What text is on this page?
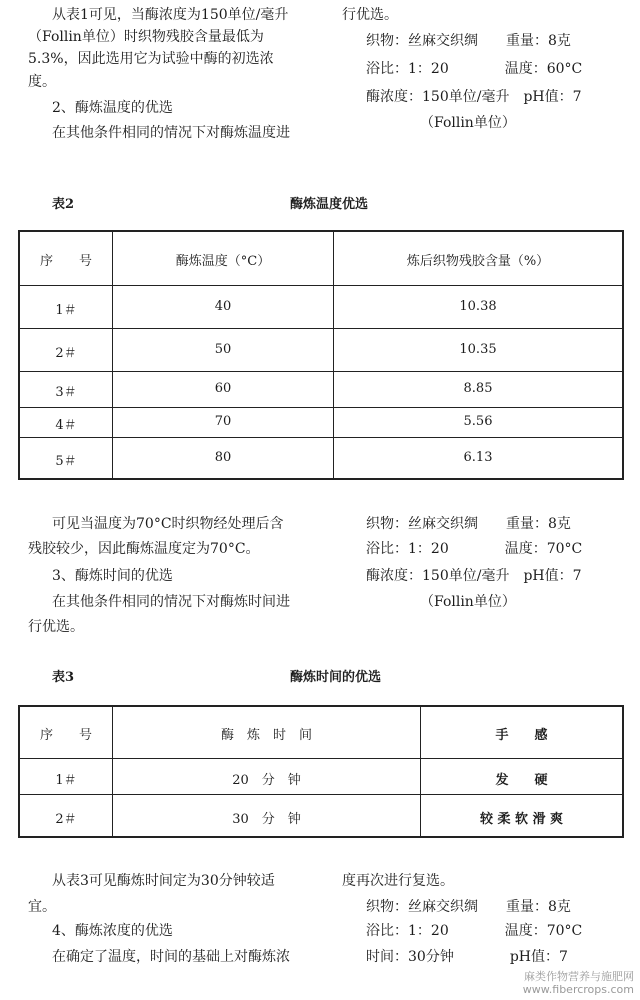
从表1可见，当酶浓度为150单位/毫升
（Follin单位）时织物残胶含量最低为
5.3%，因此选用它为试验中酶的初选浓
度。
2、酶炼温度的优选
在其他条件相同的情况下对酶炼温度进
行优选。
织物：丝麻交织绸　　重量：8克
浴比：1：20　　　　温度：60°C
酶浓度：150单位/毫升　pH值：7
（Follin单位）
表2	酶炼温度优选
序　　号	酶炼温度（°C）	炼后织物残胶含量（%）
1＃	40	10.38
2＃	50	10.35
3＃	60	8.85
4＃	70	5.56
5＃	80	6.13
可见当温度为70°C时织物经处理后含
残胶较少，因此酶炼温度定为70°C。
3、酶炼时间的优选
在其他条件相同的情况下对酶炼时间进
行优选。
织物：丝麻交织绸　　重量：8克
浴比：1：20　　　　温度：70°C
酶浓度：150单位/毫升　pH值：7
（Follin单位）
表3	酶炼时间的优选
序　　号	酶　炼　时　间	手　　感
1＃	20　分　钟	发　　硬
2＃	30　分　钟	较 柔 软 滑 爽
从表3可见酶炼时间定为30分钟较适
宜。
4、酶炼浓度的优选
在确定了温度，时间的基础上对酶炼浓
度再次进行复选。
织物：丝麻交织绸　　重量：8克
浴比：1：20　　　　温度：70°C
时间：30分钟　　　　pH值：7
麻类作物营养与施肥网
www.fibercrops.com
